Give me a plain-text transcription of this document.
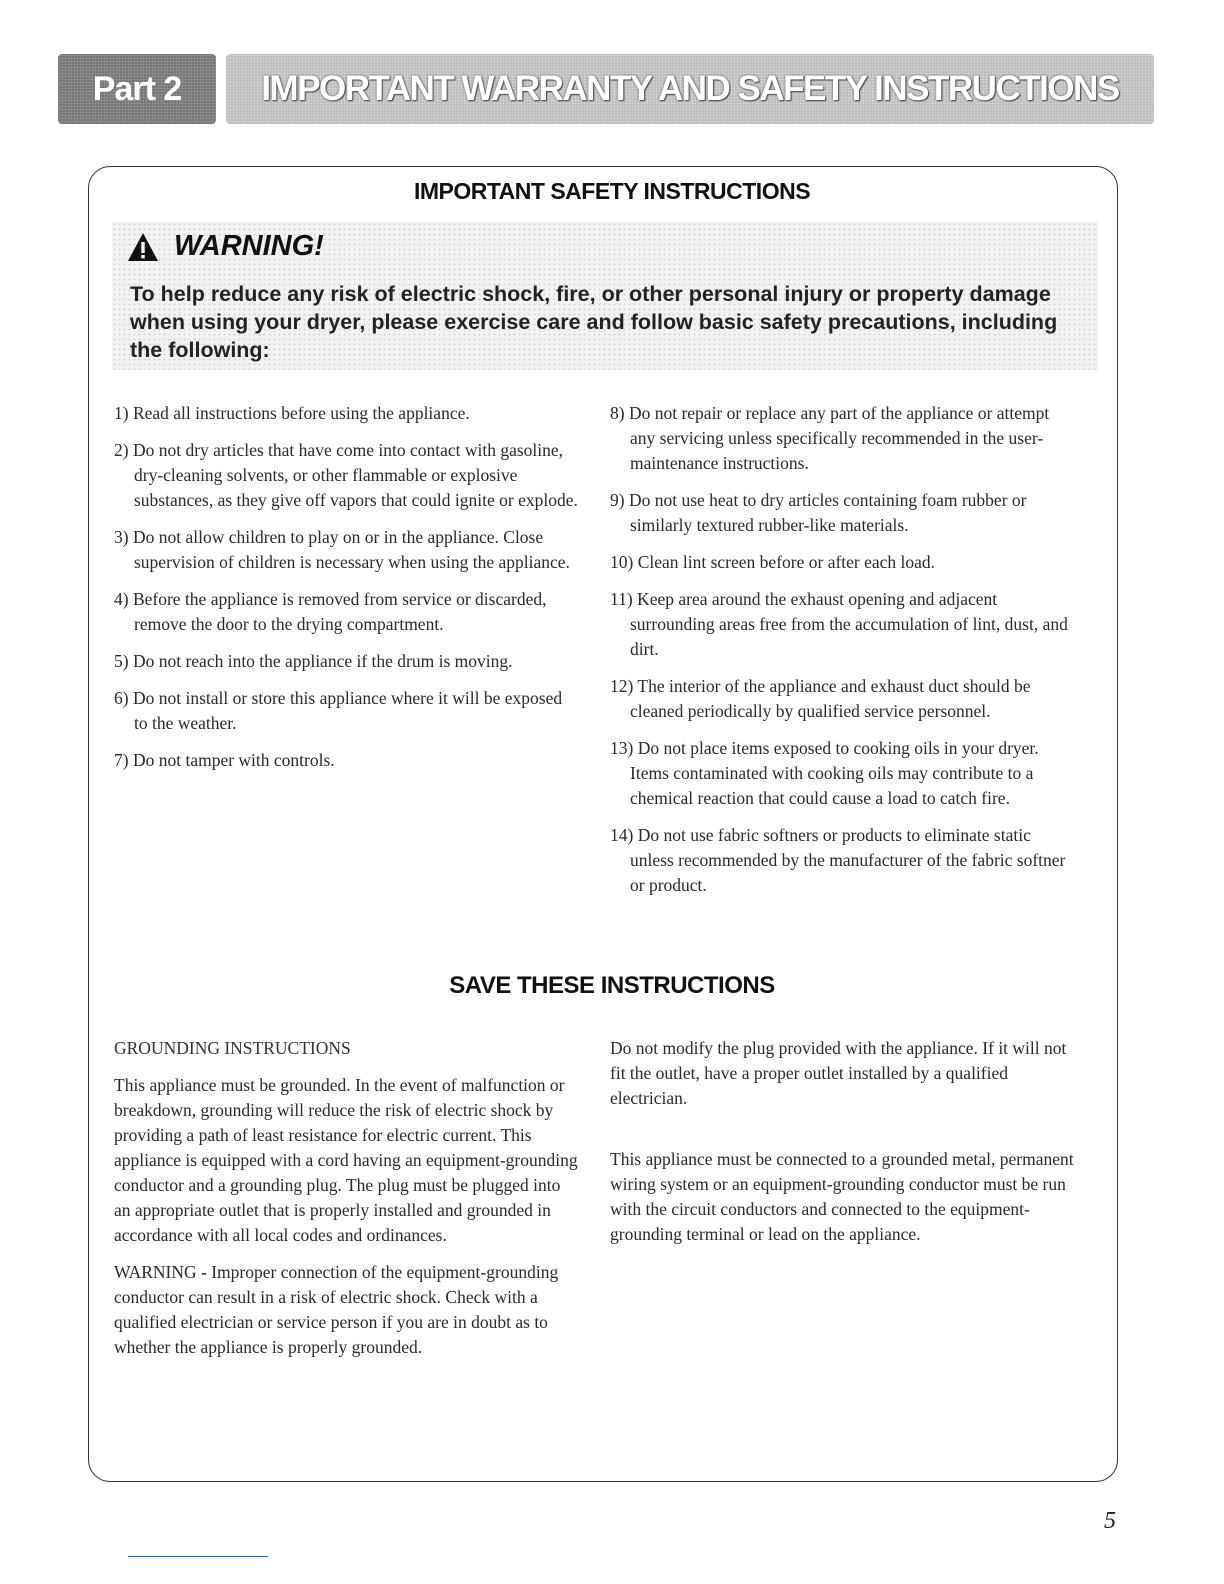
Part 2	IMPORTANT WARRANTY AND SAFETY INSTRUCTIONS
IMPORTANT SAFETY INSTRUCTIONS
WARNING!
To help reduce any risk of electric shock, fire, or other personal injury or property damage when using your dryer, please exercise care and follow basic safety precautions, including the following:
1) Read all instructions before using the appliance.
2) Do not dry articles that have come into contact with gasoline, dry-cleaning solvents, or other flammable or explosive substances, as they give off vapors that could ignite or explode.
3) Do not allow children to play on or in the appliance. Close supervision of children is necessary when using the appliance.
4) Before the appliance is removed from service or discarded, remove the door to the drying compartment.
5) Do not reach into the appliance if the drum is moving.
6) Do not install or store this appliance where it will be exposed to the weather.
7) Do not tamper with controls.
8) Do not repair or replace any part of the appliance or attempt any servicing unless specifically recommended in the user-maintenance instructions.
9) Do not use heat to dry articles containing foam rubber or similarly textured rubber-like materials.
10) Clean lint screen before or after each load.
11) Keep area around the exhaust opening and adjacent surrounding areas free from the accumulation of lint, dust, and dirt.
12) The interior of the appliance and exhaust duct should be cleaned periodically by qualified service personnel.
13) Do not place items exposed to cooking oils in your dryer. Items contaminated with cooking oils may contribute to a chemical reaction that could cause a load to catch fire.
14) Do not use fabric softners or products to eliminate static unless recommended by the manufacturer of the fabric softner or product.
SAVE THESE INSTRUCTIONS
GROUNDING INSTRUCTIONS

This appliance must be grounded. In the event of malfunction or breakdown, grounding will reduce the risk of electric shock by providing a path of least resistance for electric current. This appliance is equipped with a cord having an equipment-grounding conductor and a grounding plug. The plug must be plugged into an appropriate outlet that is properly installed and grounded in accordance with all local codes and ordinances.

WARNING - Improper connection of the equipment-grounding conductor can result in a risk of electric shock. Check with a qualified electrician or service person if you are in doubt as to whether the appliance is properly grounded.

Do not modify the plug provided with the appliance. If it will not fit the outlet, have a proper outlet installed by a qualified electrician.

This appliance must be connected to a grounded metal, permanent wiring system or an equipment-grounding conductor must be run with the circuit conductors and connected to the equipment-grounding terminal or lead on the appliance.

5
